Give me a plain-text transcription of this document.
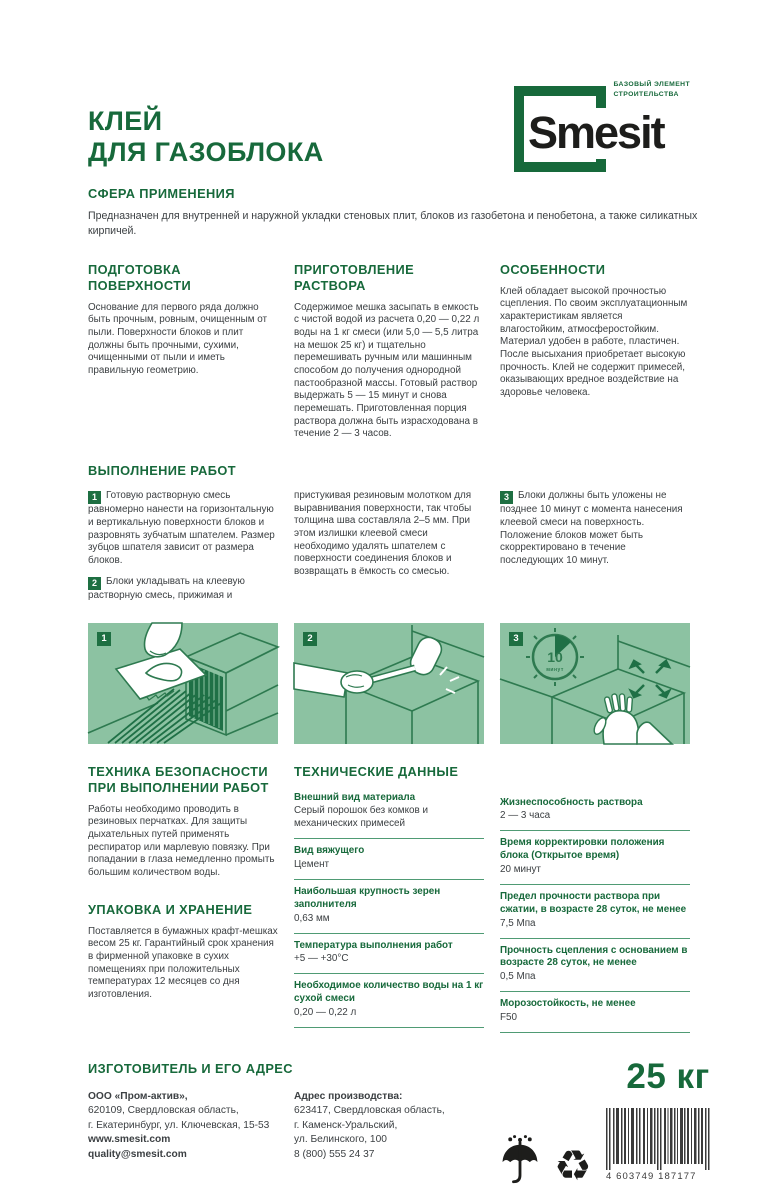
КЛЕЙ
ДЛЯ ГАЗОБЛОКА
БАЗОВЫЙ ЭЛЕМЕНТ
СТРОИТЕЛЬСТВА
Smesit
СФЕРА ПРИМЕНЕНИЯ
Предназначен для внутренней и наружной укладки стеновых плит, блоков из газобетона и пенобетона, а также силикатных кирпичей.
ПОДГОТОВКА ПОВЕРХНОСТИ
Основание для первого ряда должно быть прочным, ровным, очищенным от пыли. Поверхности блоков и плит должны быть прочными, сухими, очищенными от пыли и иметь правильную геометрию.
ПРИГОТОВЛЕНИЕ РАСТВОРА
Содержимое мешка засыпать в емкость с чистой водой из расчета 0,20 — 0,22 л воды на 1 кг смеси (или 5,0 — 5,5 литра на мешок 25 кг) и тщательно перемешивать ручным или машинным способом до получения однородной пастообразной массы. Готовый раствор выдержать 5 — 15 минут и снова перемешать. Приготовленная порция раствора должна быть израсходована в течение 2 — 3 часов.
ОСОБЕННОСТИ
Клей обладает высокой прочностью сцепления. По своим эксплуатационным характеристикам является влагостойким, атмосферостойким. Материал удобен в работе, пластичен. После высыхания приобретает высокую прочность. Клей не содержит примесей, оказывающих вредное воздействие на здоровье человека.
ВЫПОЛНЕНИЕ РАБОТ
1 Готовую растворную смесь равномерно нанести на горизонтальную и вертикальную поверхности блоков и разровнять зубчатым шпателем. Размер зубцов шпателя зависит от размера блоков.
2 Блоки укладывать на клеевую растворную смесь, прижимая и
пристукивая резиновым молотком для выравнивания поверхности, так чтобы толщина шва составляла 2–5 мм. При этом излишки клеевой смеси необходимо удалять шпателем с поверхности соединения блоков и возвращать в ёмкость со смесью.
3 Блоки должны быть уложены не позднее 10 минут с момента нанесения клеевой смеси на поверхность. Положение блоков может быть скорректировано в течение последующих 10 минут.
1	2
10
минут
3
ТЕХНИКА БЕЗОПАСНОСТИ ПРИ ВЫПОЛНЕНИИ РАБОТ
Работы необходимо проводить в резиновых перчатках. Для защиты дыхательных путей применять респиратор или марлевую повязку. При попадании в глаза немедленно промыть большим количеством воды.
УПАКОВКА И ХРАНЕНИЕ
Поставляется в бумажных крафт-мешках весом 25 кг. Гарантийный срок хранения в фирменной упаковке в сухих помещениях при положительных температурах 12 месяцев со дня изготовления.
ТЕХНИЧЕСКИЕ ДАННЫЕ
Внешний вид материала
Серый порошок без комков и механических примесей
Вид вяжущего
Цемент
Наибольшая крупность зерен заполнителя
0,63 мм
Температура выполнения работ
+5 — +30°С
Необходимое количество воды на 1 кг сухой смеси
0,20 — 0,22 л
Жизнеспособность раствора
2 — 3 часа
Время корректировки положения блока (Открытое время)
20 минут
Предел прочности раствора при сжатии, в возрасте 28 суток, не менее
7,5 Мпа
Прочность сцепления с основанием в возрасте 28 суток, не менее
0,5 Мпа
Морозостойкость, не менее
F50
ИЗГОТОВИТЕЛЬ И ЕГО АДРЕС
ООО «Пром-актив»,
620109, Свердловская область,
г. Екатеринбург, ул. Ключевская, 15-53
www.smesit.com
quality@smesit.com
Адрес производства:
623417, Свердловская область,
г. Каменск-Уральский,
ул. Белинского, 100
8 (800) 555 24 37
25 кг
♻ 4 603749 187177
